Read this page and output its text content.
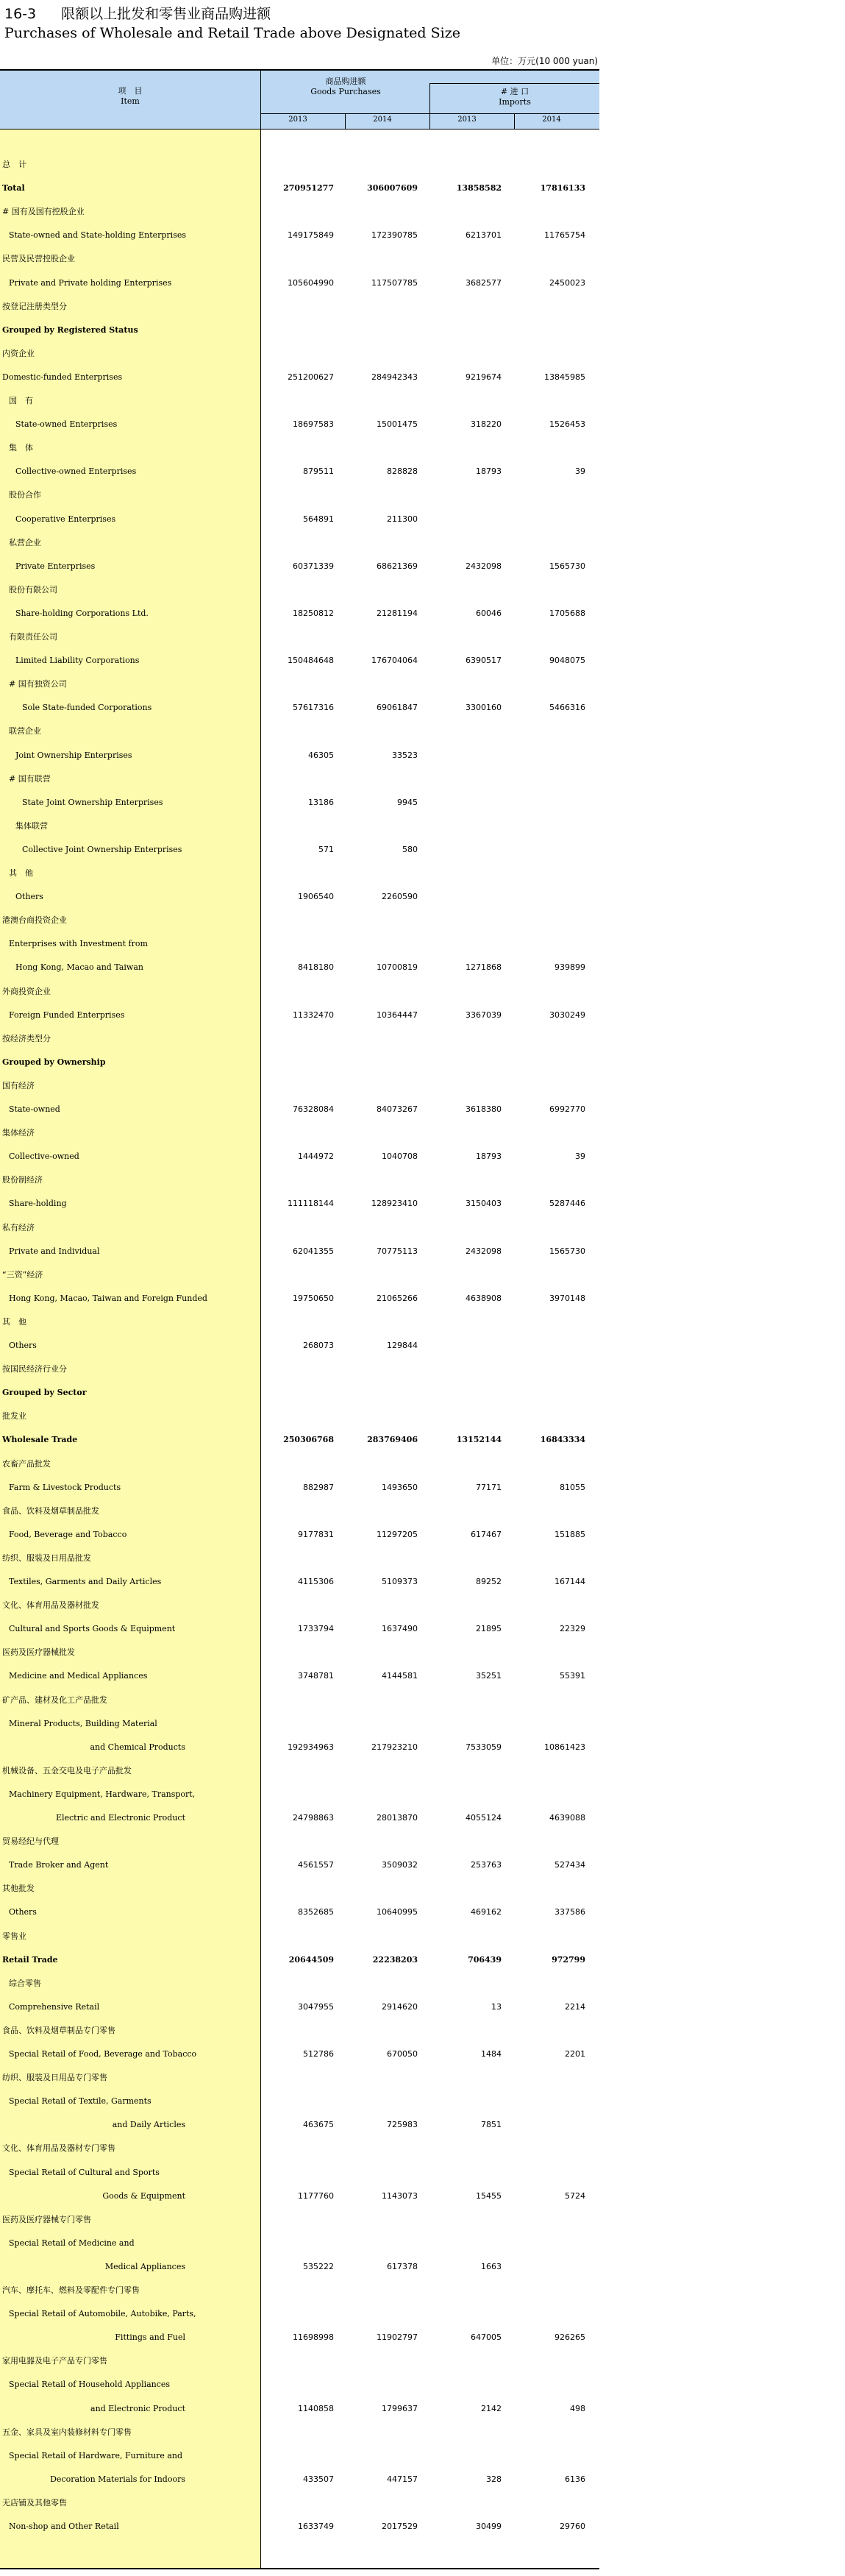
16-3 限额以上批发和零售业商品购进额
Purchases of Wholesale and Retail Trade above Designated Size
单位：万元(10 000 yuan)
项　目
Item
商品购进额
Goods Purchases	# 进 口
Imports
2013	2014	2013	2014
总　计
Total	270951277	306007609	13858582	17816133
# 国有及国有控股企业
State-owned and State-holding Enterprises	149175849	172390785	6213701	11765754
民营及民营控股企业
Private and Private holding Enterprises	105604990	117507785	3682577	2450023
按登记注册类型分
Grouped by Registered Status
内资企业
Domestic-funded Enterprises	251200627	284942343	9219674	13845985
国　有
State-owned Enterprises	18697583	15001475	318220	1526453
集　体
Collective-owned Enterprises	879511	828828	18793	39
股份合作
Cooperative Enterprises	564891	211300
私营企业
Private Enterprises	60371339	68621369	2432098	1565730
股份有限公司
Share-holding Corporations Ltd.	18250812	21281194	60046	1705688
有限责任公司
Limited Liability Corporations	150484648	176704064	6390517	9048075
# 国有独资公司
Sole State-funded Corporations	57617316	69061847	3300160	5466316
联营企业
Joint Ownership Enterprises	46305	33523
# 国有联营
State Joint Ownership Enterprises	13186	9945
集体联营
Collective Joint Ownership Enterprises	571	580
其　他
Others	1906540	2260590
港澳台商投资企业
Enterprises with Investment from
Hong Kong, Macao and Taiwan	8418180	10700819	1271868	939899
外商投资企业
Foreign Funded Enterprises	11332470	10364447	3367039	3030249
按经济类型分
Grouped by Ownership
国有经济
State-owned	76328084	84073267	3618380	6992770
集体经济
Collective-owned	1444972	1040708	18793	39
股份制经济
Share-holding	111118144	128923410	3150403	5287446
私有经济
Private and Individual	62041355	70775113	2432098	1565730
“三资”经济
Hong Kong, Macao, Taiwan and Foreign Funded	19750650	21065266	4638908	3970148
其　他
Others	268073	129844
按国民经济行业分
Grouped by Sector
批发业
Wholesale Trade	250306768	283769406	13152144	16843334
农畜产品批发
Farm & Livestock Products	882987	1493650	77171	81055
食品、饮料及烟草制品批发
Food, Beverage and Tobacco	9177831	11297205	617467	151885
纺织、服装及日用品批发
Textiles, Garments and Daily Articles	4115306	5109373	89252	167144
文化、体育用品及器材批发
Cultural and Sports Goods & Equipment	1733794	1637490	21895	22329
医药及医疗器械批发
Medicine and Medical Appliances	3748781	4144581	35251	55391
矿产品、建材及化工产品批发
Mineral Products, Building Material
and Chemical Products	192934963	217923210	7533059	10861423
机械设备、五金交电及电子产品批发
Machinery Equipment, Hardware, Transport,
Electric and Electronic Product	24798863	28013870	4055124	4639088
贸易经纪与代理
Trade Broker and Agent	4561557	3509032	253763	527434
其他批发
Others	8352685	10640995	469162	337586
零售业
Retail Trade	20644509	22238203	706439	972799
综合零售
Comprehensive Retail	3047955	2914620	13	2214
食品、饮料及烟草制品专门零售
Special Retail of Food, Beverage and Tobacco	512786	670050	1484	2201
纺织、服装及日用品专门零售
Special Retail of Textile, Garments
and Daily Articles	463675	725983	7851
文化、体育用品及器材专门零售
Special Retail of Cultural and Sports
Goods & Equipment	1177760	1143073	15455	5724
医药及医疗器械专门零售
Special Retail of Medicine and
Medical Appliances	535222	617378	1663
汽车、摩托车、燃料及零配件专门零售
Special Retail of Automobile, Autobike, Parts,
Fittings and Fuel	11698998	11902797	647005	926265
家用电器及电子产品专门零售
Special Retail of Household Appliances
and Electronic Product	1140858	1799637	2142	498
五金、家具及室内装修材料专门零售
Special Retail of Hardware, Furniture and
Decoration Materials for Indoors	433507	447157	328	6136
无店铺及其他零售
Non-shop and Other Retail	1633749	2017529	30499	29760
